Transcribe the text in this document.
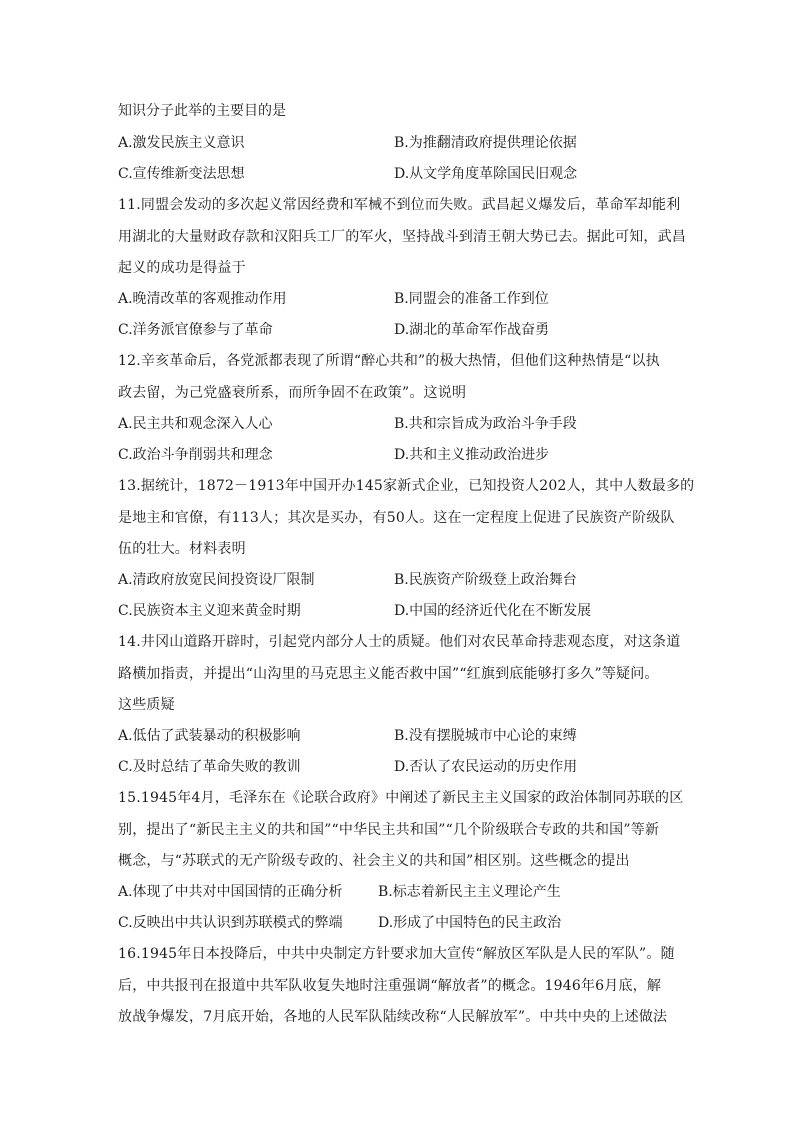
知识分子此举的主要目的是
A.激发民族主义意识	B.为推翻清政府提供理论依据
C.宣传维新变法思想	D.从文学角度革除国民旧观念
11.同盟会发动的多次起义常因经费和军械不到位而失败。武昌起义爆发后，革命军却能利
用湖北的大量财政存款和汉阳兵工厂的军火，坚持战斗到清王朝大势已去。据此可知，武昌
起义的成功是得益于
A.晚清改革的客观推动作用	B.同盟会的准备工作到位
C.洋务派官僚参与了革命	D.湖北的革命军作战奋勇
12.辛亥革命后，各党派都表现了所谓“醉心共和”的极大热情，但他们这种热情是“以执
政去留，为己党盛衰所系，而所争固不在政策”。这说明
A.民主共和观念深入人心	B.共和宗旨成为政治斗争手段
C.政治斗争削弱共和理念	D.共和主义推动政治进步
13.据统计，1872－1913年中国开办145家新式企业，已知投资人202人，其中人数最多的
是地主和官僚，有113人；其次是买办，有50人。这在一定程度上促进了民族资产阶级队
伍的壮大。材料表明
A.清政府放宽民间投资设厂限制	B.民族资产阶级登上政治舞台
C.民族资本主义迎来黄金时期	D.中国的经济近代化在不断发展
14.井冈山道路开辟时，引起党内部分人士的质疑。他们对农民革命持悲观态度，对这条道
路横加指责，并提出“山沟里的马克思主义能否救中国”“红旗到底能够打多久”等疑问。
这些质疑
A.低估了武装暴动的积极影响	B.没有摆脱城市中心论的束缚
C.及时总结了革命失败的教训	D.否认了农民运动的历史作用
15.1945年4月，毛泽东在《论联合政府》中阐述了新民主主义国家的政治体制同苏联的区
别，提出了“新民主主义的共和国”“中华民主共和国”“几个阶级联合专政的共和国”等新
概念，与“苏联式的无产阶级专政的、社会主义的共和国”相区别。这些概念的提出
A.体现了中共对中国国情的正确分析	B.标志着新民主主义理论产生
C.反映出中共认识到苏联模式的弊端	D.形成了中国特色的民主政治
16.1945年日本投降后，中共中央制定方针要求加大宣传“解放区军队是人民的军队”。随
后，中共报刊在报道中共军队收复失地时注重强调“解放者”的概念。1946年6月底，解
放战争爆发，7月底开始，各地的人民军队陆续改称“人民解放军”。中共中央的上述做法
